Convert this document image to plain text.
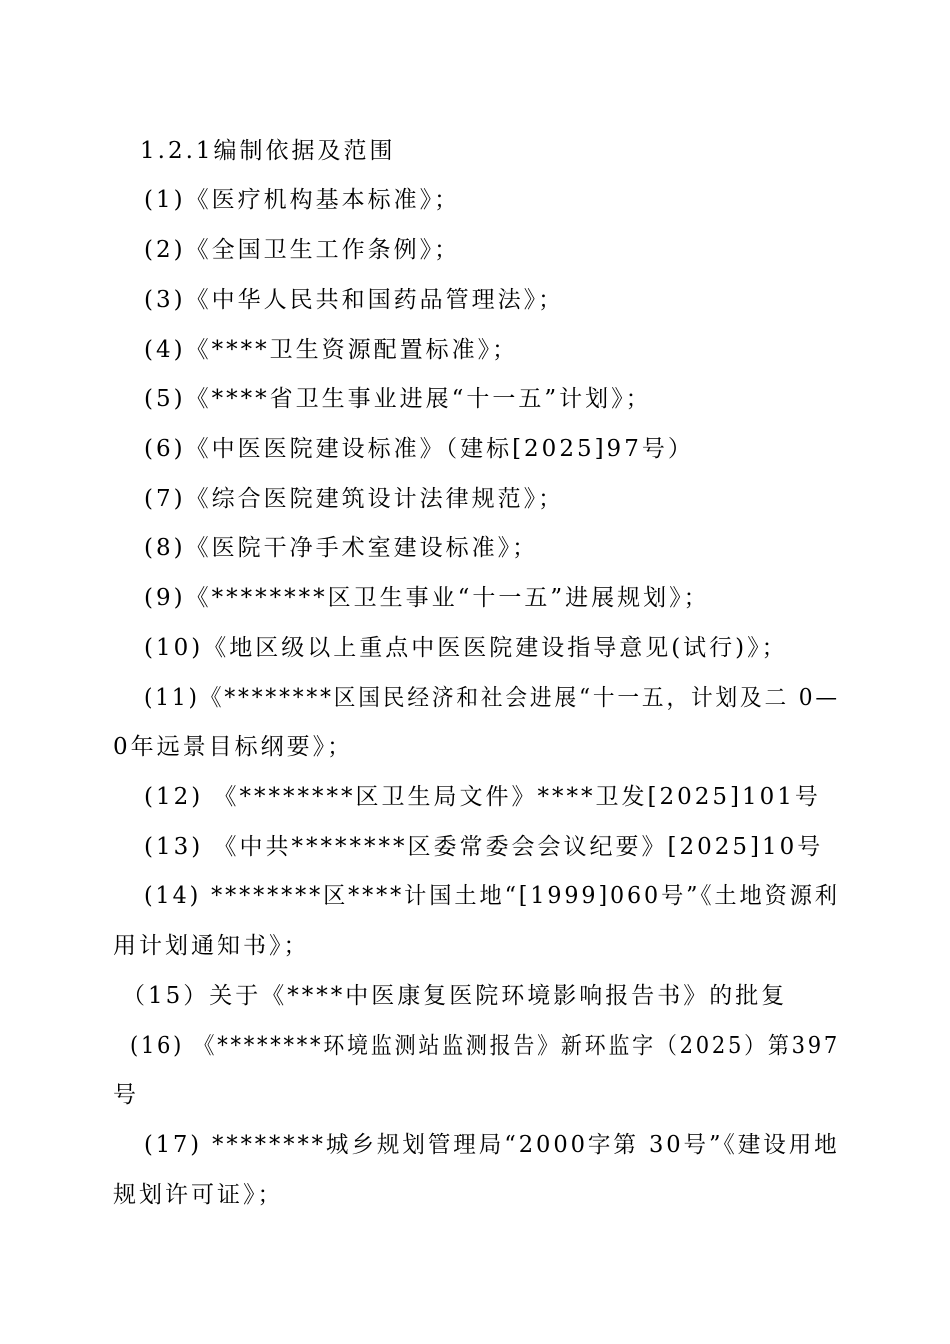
1.2.1编制依据及范围
(1)《医疗机构基本标准》；
(2)《全国卫生工作条例》；
(3)《中华人民共和国药品管理法》；
(4)《****卫生资源配置标准》；
(5)《****省卫生事业进展“十一五”计划》；
(6)《中医医院建设标准》（建标[2025]97号）
(7)《综合医院建筑设计法律规范》；
(8)《医院干净手术室建设标准》；
(9)《********区卫生事业“十一五”进展规划》；
(10)《地区级以上重点中医医院建设指导意见(试行)》；
(11)《********区国民经济和社会进展“十一五，计划及二 0—
0年远景目标纲要》；
(12) 《********区卫生局文件》****卫发[2025]101号
(13) 《中共********区委常委会会议纪要》[2025]10号
(14) ********区****计国土地“[1999]060号”《土地资源利
用计划通知书》；
（15）关于《****中医康复医院环境影响报告书》的批复
(16) 《********环境监测站监测报告》新环监字（2025）第397
号
(17) ********城乡规划管理局“2000字第 30号”《建设用地
规划许可证》；
